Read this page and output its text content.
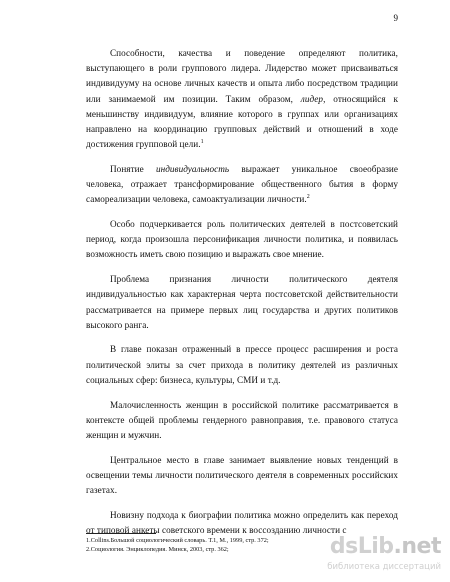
9

Способности, качества и поведение определяют политика, выступающего в роли группового лидера. Лидерство может присваиваться индивидууму на основе личных качеств и опыта либо посредством традиции или занимаемой им позиции. Таким образом, лидер, относящийся к меньшинству индивидуум, влияние которого в группах или организациях направлено на координацию групповых действий и отношений в ходе достижения групповой цели.$^1$

Понятие индивидуальность выражает уникальное своеобразие человека, отражает трансформирование общественного бытия в форму самореализации человека, самоактуализации личности.$^2$

Особо подчеркивается роль политических деятелей в постсоветский период, когда произошла персонификация личности политика, и появилась возможность иметь свою позицию и выражать свое мнение.

Проблема признания личности политического деятеля индивидуальностью как характерная черта постсоветской действительности рассматривается на примере первых лиц государства и других политиков высокого ранга.

В главе показан отраженный в прессе процесс расширения и роста политической элиты за счет прихода в политику деятелей из различных социальных сфер: бизнеса, культуры, СМИ и т.д.

Малочисленность женщин в российской политике рассматривается в контексте общей проблемы гендерного равноправия, т.е. правового статуса женщин и мужчин.

Центральное место в главе занимает выявление новых тенденций в освещении темы личности политического деятеля в современных российских газетах.

Новизну подхода к биографии политика можно определить как переход от типовой анкеты советского времени к воссозданию личности с

1.Collins.Большой социологический словарь. Т.1, М., 1999, стр. 372;

2.Социология. Энциклопедия. Минск, 2003, стр. 362;	dsLib.net
библиотека диссертаций
